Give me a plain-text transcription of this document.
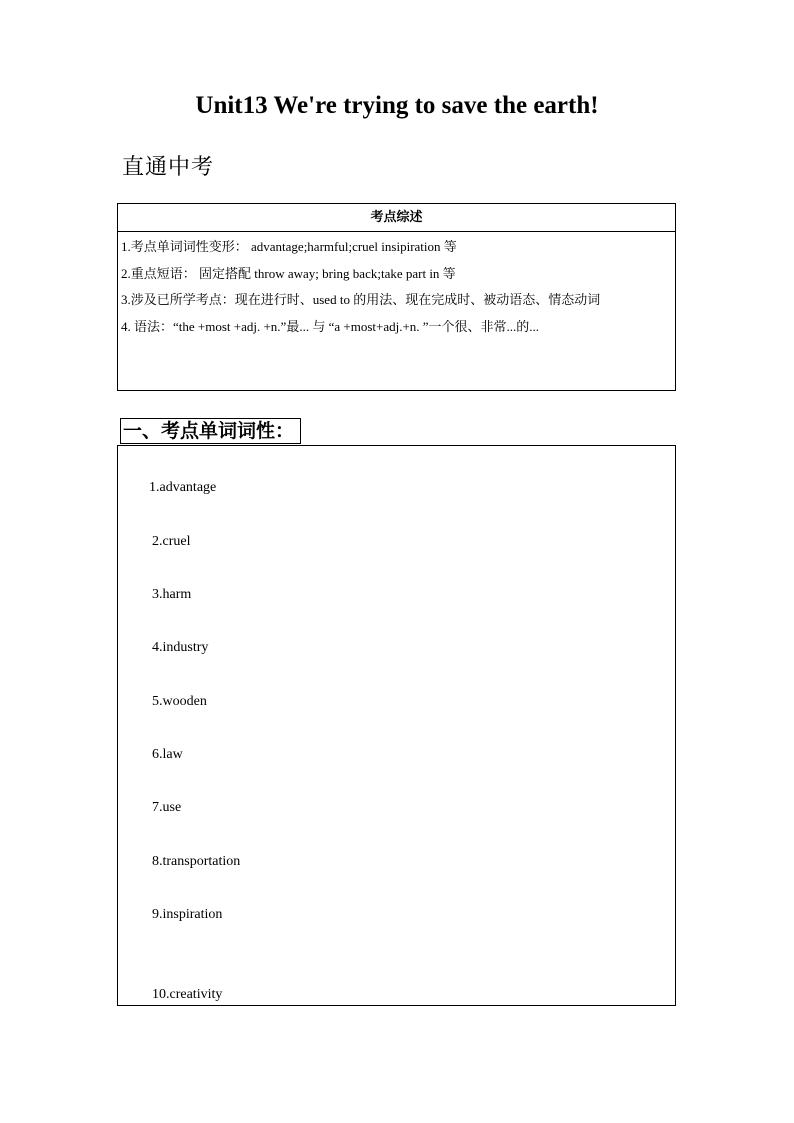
Unit13 We're trying to save the earth!
直通中考
考点综述
1.考点单词词性变形： advantage;harmful;cruel insipiration 等
2.重点短语： 固定搭配 throw away; bring back;take part in 等
3.涉及已所学考点：现在进行时、used to 的用法、现在完成时、被动语态、情态动词
4. 语法：“the +most +adj. +n.”最... 与 “a +most+adj.+n. ”一个很、非常...的...
一、考点单词词性：
1.advantage
2.cruel
3.harm
4.industry
5.wooden
6.law
7.use
8.transportation
9.inspiration
10.creativity
